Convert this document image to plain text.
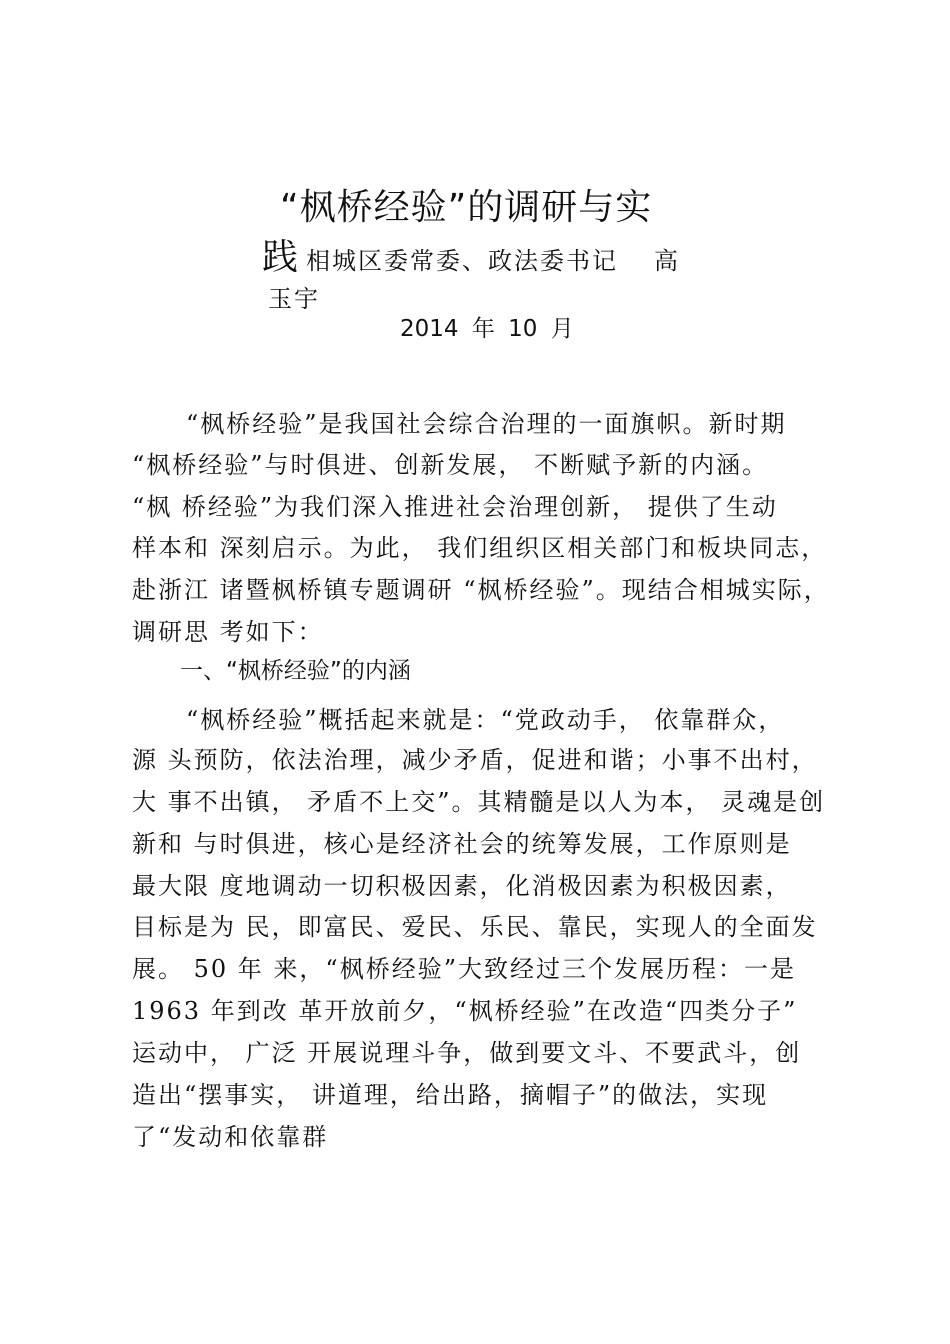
“枫桥经验”的调研与实
践相城区委常委、政法委书记 高
玉宇
2014 年 10 月
“枫桥经验”是我国社会综合治理的一面旗帜。新时期
“枫桥经验”与时俱进、创新发展， 不断赋予新的内涵。
“枫 桥经验”为我们深入推进社会治理创新， 提供了生动
样本和 深刻启示。为此， 我们组织区相关部门和板块同志，
赴浙江 诸暨枫桥镇专题调研 “枫桥经验”。现结合相城实际，
调研思 考如下：
一、“枫桥经验”的内涵
“枫桥经验”概括起来就是：“党政动手， 依靠群众，
源 头预防，依法治理，减少矛盾，促进和谐；小事不出村，
大 事不出镇， 矛盾不上交”。其精髓是以人为本， 灵魂是创
新和 与时俱进，核心是经济社会的统筹发展，工作原则是
最大限 度地调动一切积极因素，化消极因素为积极因素，
目标是为 民，即富民、爱民、乐民、靠民，实现人的全面发
展。 50 年 来，“枫桥经验”大致经过三个发展历程：一是
1963 年到改 革开放前夕，“枫桥经验”在改造“四类分子”
运动中， 广泛 开展说理斗争，做到要文斗、不要武斗，创
造出“摆事实， 讲道理，给出路，摘帽子”的做法，实现
了“发动和依靠群
